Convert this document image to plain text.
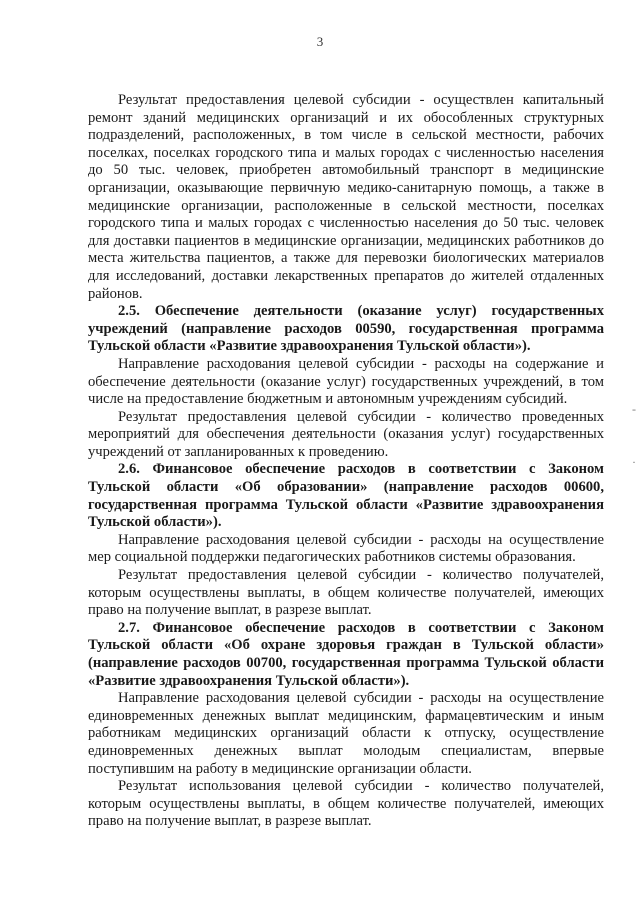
3

Результат предоставления целевой субсидии - осуществлен капитальный ремонт зданий медицинских организаций и их обособленных структурных подразделений, расположенных, в том числе в сельской местности, рабочих поселках, поселках городского типа и малых городах с численностью населения до 50 тыс. человек, приобретен автомобильный транспорт в медицинские организации, оказывающие первичную медико-санитарную помощь, а также в медицинские организации, расположенные в сельской местности, поселках городского типа и малых городах с численностью населения до 50 тыс. человек для доставки пациентов в медицинские организации, медицинских работников до места жительства пациентов, а также для перевозки биологических материалов для исследований, доставки лекарственных препаратов до жителей отдаленных районов.

2.5. Обеспечение деятельности (оказание услуг) государственных учреждений (направление расходов 00590, государственная программа Тульской области «Развитие здравоохранения Тульской области»).

Направление расходования целевой субсидии - расходы на содержание и обеспечение деятельности (оказание услуг) государственных учреждений, в том числе на предоставление бюджетным и автономным учреждениям субсидий.

Результат предоставления целевой субсидии - количество проведенных мероприятий для обеспечения деятельности (оказания услуг) государственных учреждений от запланированных к проведению.

2.6. Финансовое обеспечение расходов в соответствии с Законом Тульской области «Об образовании» (направление расходов 00600, государственная программа Тульской области «Развитие здравоохранения Тульской области»).

Направление расходования целевой субсидии - расходы на осуществление мер социальной поддержки педагогических работников системы образования.

Результат предоставления целевой субсидии - количество получателей, которым осуществлены выплаты, в общем количестве получателей, имеющих право на получение выплат, в разрезе выплат.

2.7. Финансовое обеспечение расходов в соответствии с Законом Тульской области «Об охране здоровья граждан в Тульской области» (направление расходов 00700, государственная программа Тульской области «Развитие здравоохранения Тульской области»).

Направление расходования целевой субсидии - расходы на осуществление единовременных денежных выплат медицинским, фармацевтическим и иным работникам медицинских организаций области к отпуску, осуществление единовременных денежных выплат молодым специалистам, впервые поступившим на работу в медицинские организации области.

Результат использования целевой субсидии - количество получателей, которым осуществлены выплаты, в общем количестве получателей, имеющих право на получение выплат, в разрезе выплат.

-
·
